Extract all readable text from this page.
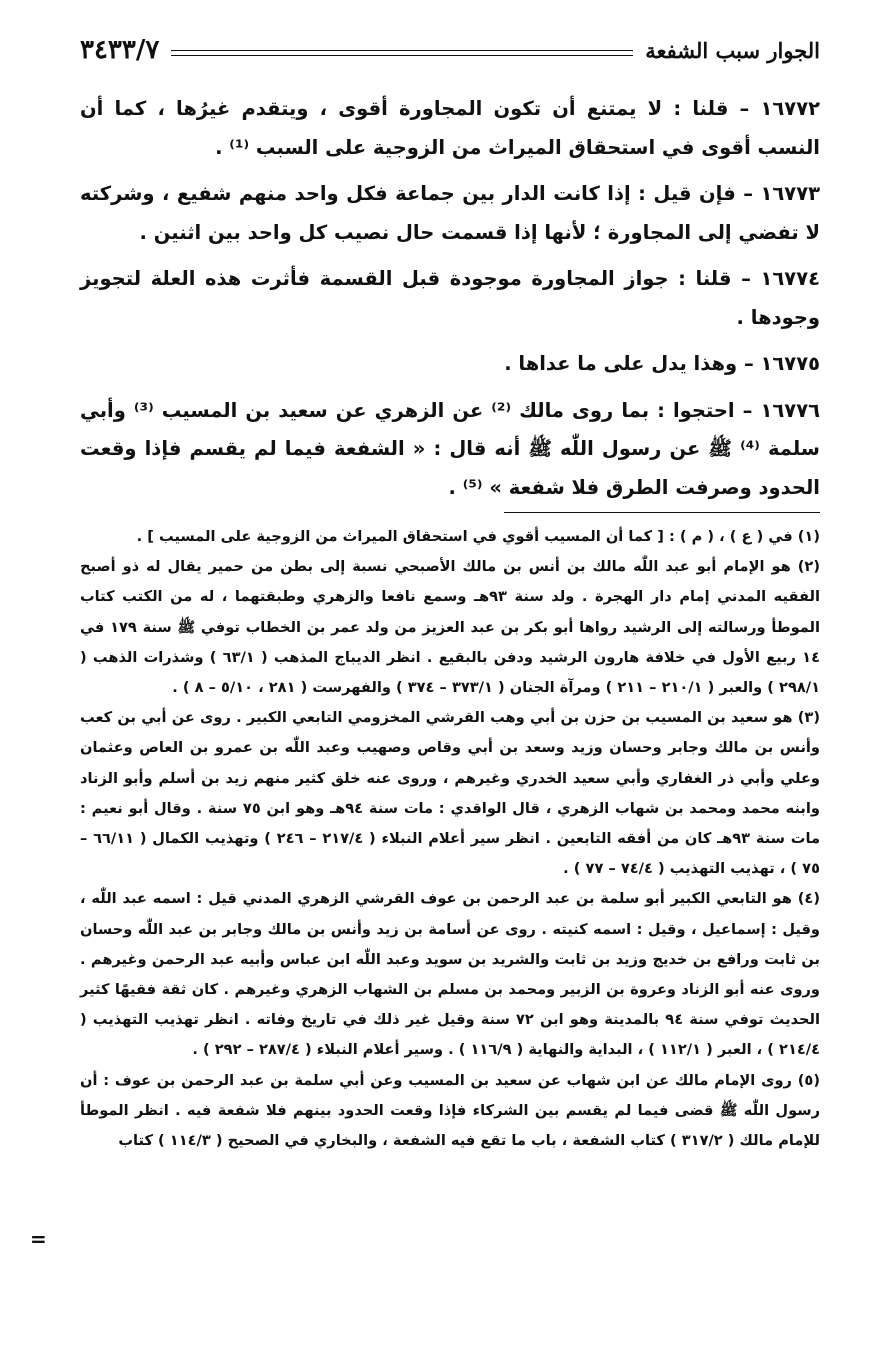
الجوار سبب الشفعة
٣٤٣٣/٧

١٦٧٧٢ – قلنا : لا يمتنع أن تكون المجاورة أقوى ، ويتقدم غيرُها ، كما أن النسب أقوى في استحقاق الميراث من الزوجية على السبب ⁽¹⁾ .

١٦٧٧٣ – فإن قيل : إذا كانت الدار بين جماعة فكل واحد منهم شفيع ، وشركته لا تفضي إلى المجاورة ؛ لأنها إذا قسمت حال نصيب كل واحد بين اثنين .

١٦٧٧٤ – قلنا : جواز المجاورة موجودة قبل القسمة فأثرت هذه العلة لتجويز وجودها .

١٦٧٧٥ – وهذا يدل على ما عداها .

١٦٧٧٦ – احتجوا : بما روى مالك ⁽²⁾ عن الزهري عن سعيد بن المسيب ⁽³⁾ وأبي سلمة ⁽⁴⁾ ﷺ عن رسول اللّٰه ﷺ أنه قال : « الشفعة فيما لم يقسم فإذا وقعت الحدود وصرفت الطرق فلا شفعة » ⁽⁵⁾ .

(١) في ( ع ) ، ( م ) : [ كما أن المسيب أقوي في استحقاق الميراث من الزوجية على المسيب ] .

(٢) هو الإمام أبو عبد اللّٰه مالك بن أنس بن مالك الأصبحي نسبة إلى بطن من حمير يقال له ذو أصبح الفقيه المدني إمام دار الهجرة . ولد سنة ٩٣هـ وسمع نافعا والزهري وطبقتهما ، له من الكتب كتاب الموطأ ورسالته إلى الرشيد رواها أبو بكر بن عبد العزيز من ولد عمر بن الخطاب توفي ﷺ سنة ١٧٩ في ١٤ ربيع الأول في خلافة هارون الرشيد ودفن بالبقيع . انظر الديباج المذهب ( ٦٣/١ ) وشذرات الذهب ( ٢٩٨/١ ) والعبر ( ٢١٠/١ – ٢١١ ) ومرآة الجنان ( ٣٧٣/١ – ٣٧٤ ) والفهرست ( ٢٨١ ، ٥/١٠ – ٨ ) .

(٣) هو سعيد بن المسيب بن حزن بن أبي وهب القرشي المخزومي التابعي الكبير . روى عن أبي بن كعب وأنس بن مالك وجابر وحسان وزيد وسعد بن أبي وقاص وصهيب وعبد اللّٰه بن عمرو بن العاص وعثمان وعلي وأبي ذر الغفاري وأبي سعيد الخدري وغيرهم ، وروى عنه خلق كثير منهم زيد بن أسلم وأبو الزناد وابنه محمد ومحمد بن شهاب الزهري ، قال الواقدي : مات سنة ٩٤هـ وهو ابن ٧٥ سنة . وقال أبو نعيم : مات سنة ٩٣هـ كان من أفقه التابعين . انظر سير أعلام النبلاء ( ٢١٧/٤ – ٢٤٦ ) وتهذيب الكمال ( ٦٦/١١ – ٧٥ ) ، تهذيب التهذيب ( ٧٤/٤ – ٧٧ ) .

(٤) هو التابعي الكبير أبو سلمة بن عبد الرحمن بن عوف القرشي الزهري المدني قيل : اسمه عبد اللّٰه ، وقيل : إسماعيل ، وقيل : اسمه كنيته . روى عن أسامة بن زيد وأنس بن مالك وجابر بن عبد اللّٰه وحسان بن ثابت ورافع بن خديج وزيد بن ثابت والشريد بن سويد وعبد اللّٰه ابن عباس وأبيه عبد الرحمن وغيرهم . وروى عنه أبو الزناد وعروة بن الزبير ومحمد بن مسلم بن الشهاب الزهري وغيرهم . كان ثقة فقيهًا كثير الحديث توفي سنة ٩٤ بالمدينة وهو ابن ٧٢ سنة وقيل غير ذلك في تاريخ وفاته . انظر تهذيب التهذيب ( ٢١٤/٤ ) ، العبر ( ١١٢/١ ) ، البداية والنهاية ( ١١٦/٩ ) . وسير أعلام النبلاء ( ٢٨٧/٤ – ٢٩٢ ) .

(٥) روى الإمام مالك عن ابن شهاب عن سعيد بن المسيب وعن أبي سلمة بن عبد الرحمن بن عوف : أن رسول اللّٰه ﷺ قضى فيما لم يقسم بين الشركاء فإذا وقعت الحدود بينهم فلا شفعة فيه . انظر الموطأ للإمام مالك ( ٣١٧/٢ ) كتاب الشفعة ، باب ما تقع فيه الشفعة ، والبخاري في الصحيح ( ١١٤/٣ ) كتاب

=
